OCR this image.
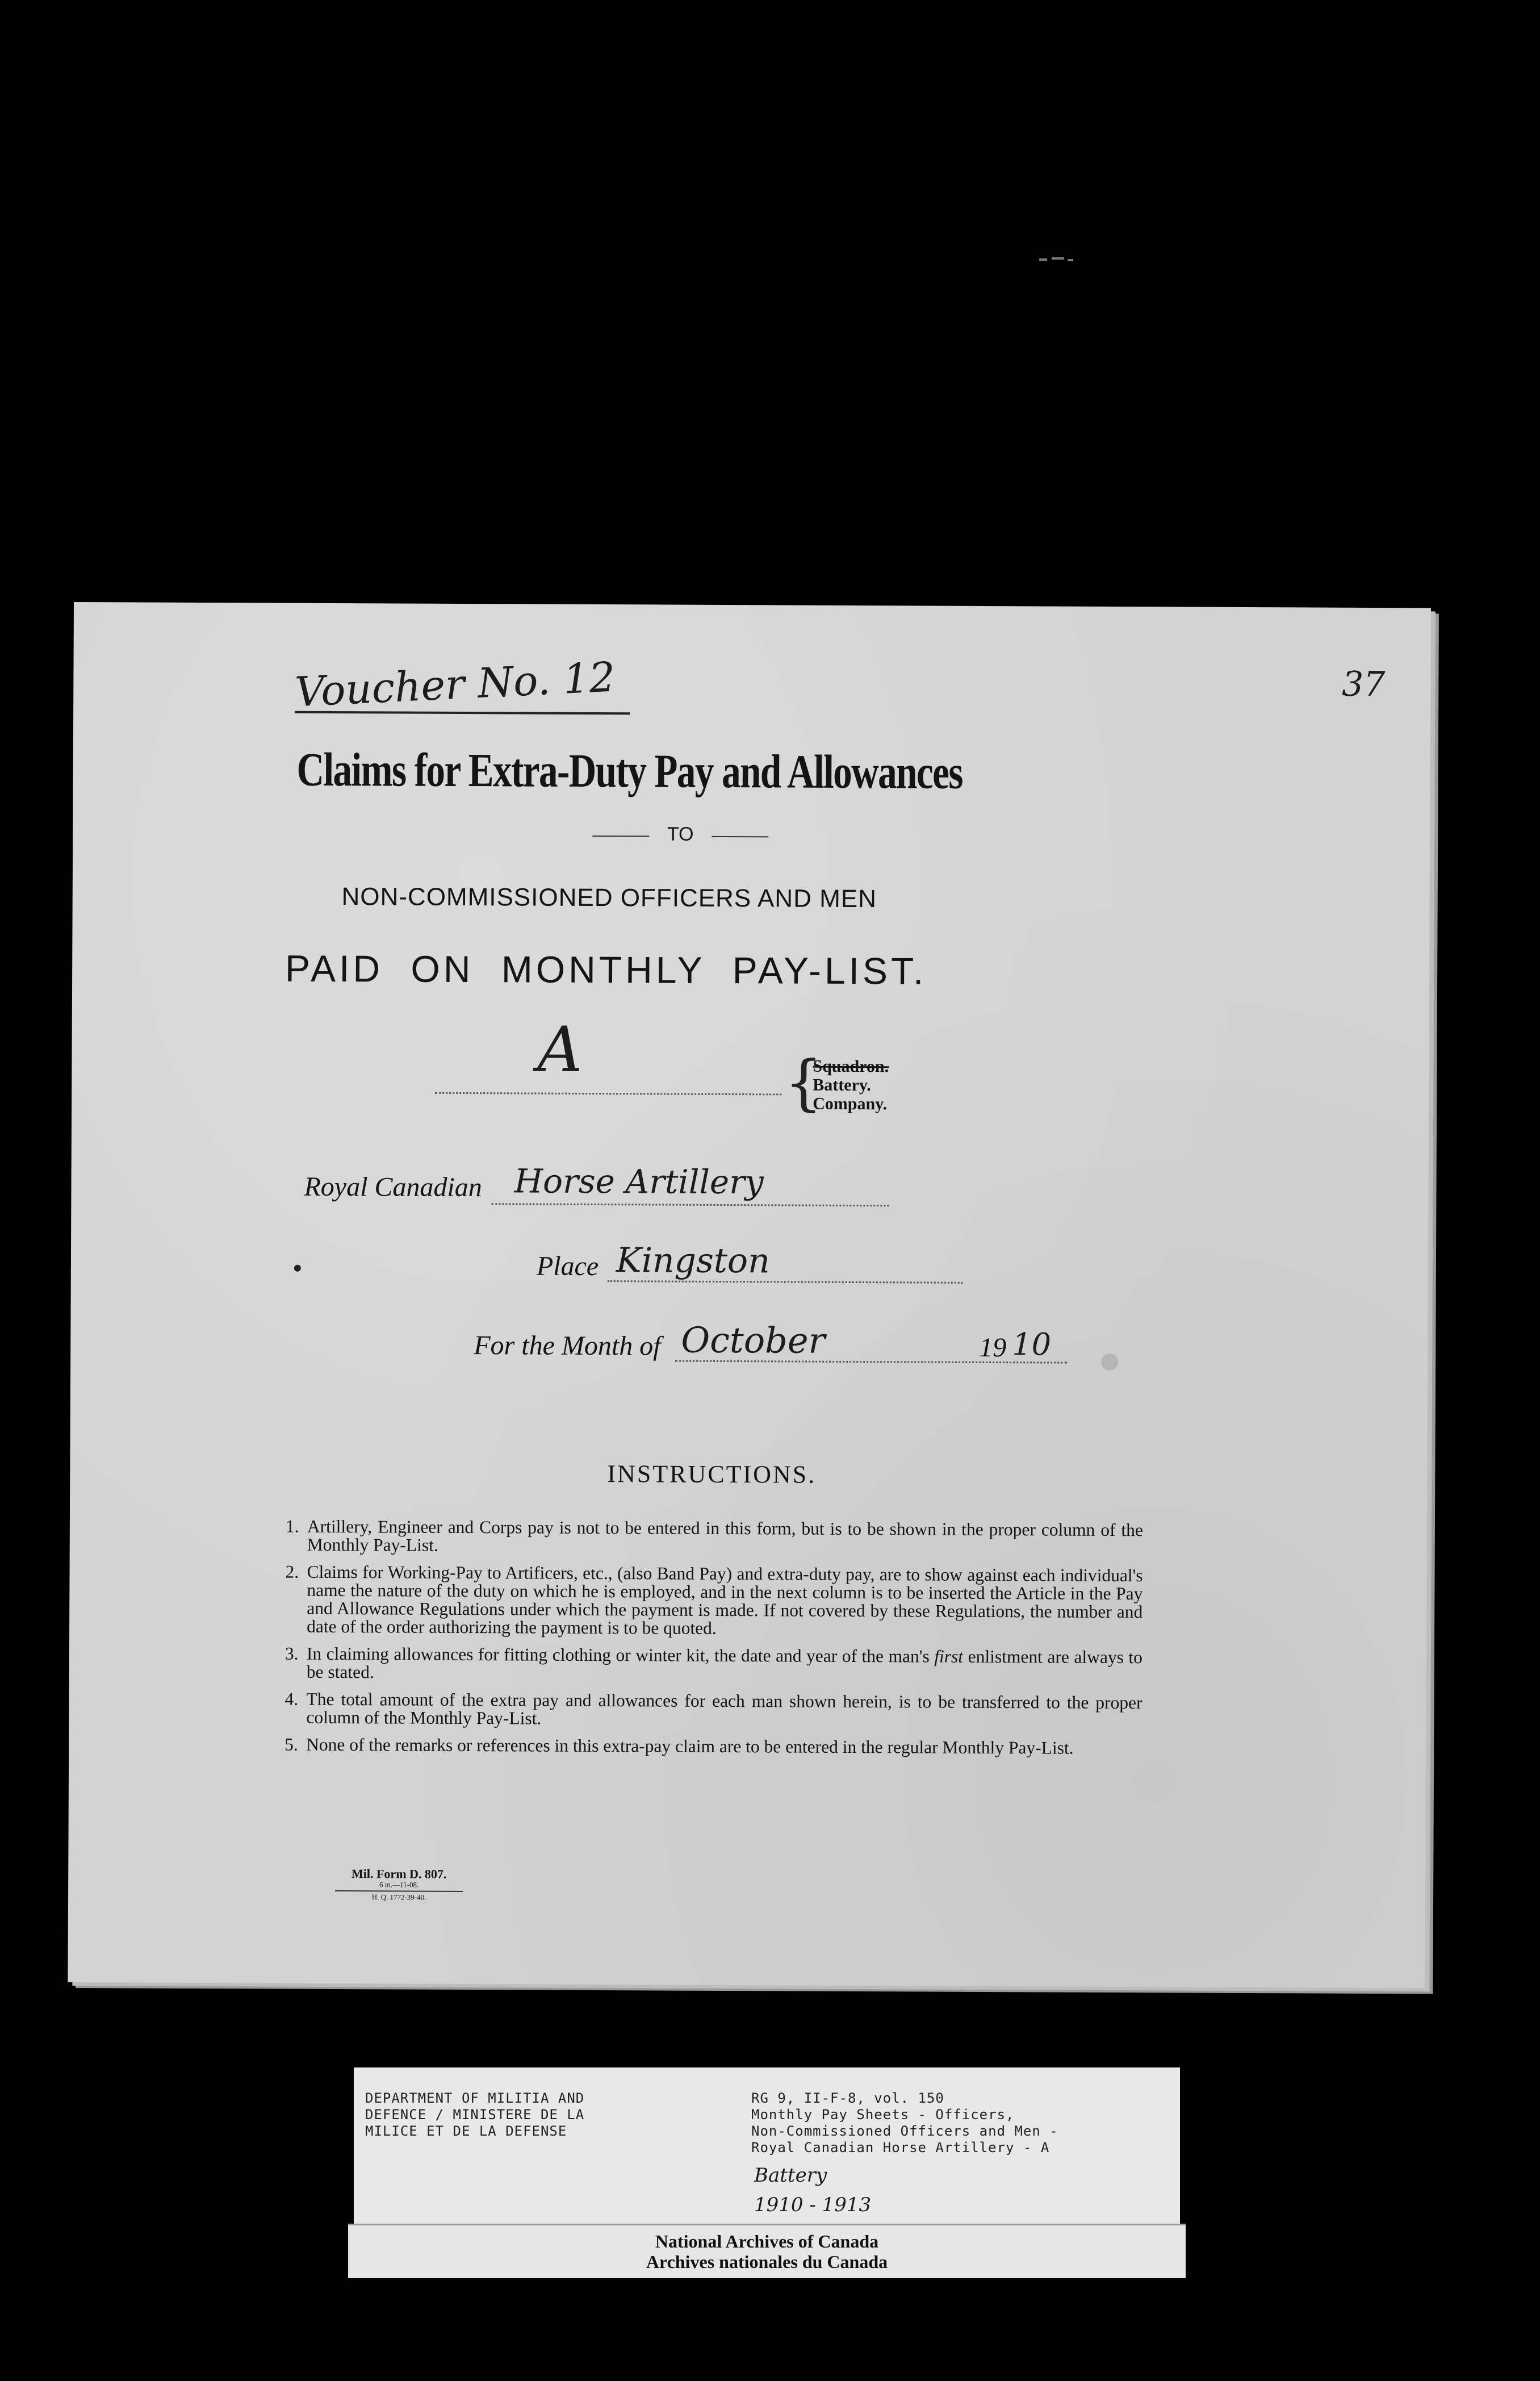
Voucher No. 12	37
Claims for Extra-Duty Pay and Allowances
TO
NON-COMMISSIONED OFFICERS AND MEN
PAID ON MONTHLY PAY-LIST.
A	{
Squadron.
Battery.
Company.
Royal Canadian Horse Artillery
Place Kingston
For the Month of October	19 10
INSTRUCTIONS.
1. Artillery, Engineer and Corps pay is not to be entered in this form, but is to be shown in the proper column of the Monthly Pay-List.
2. Claims for Working-Pay to Artificers, etc., (also Band Pay) and extra-duty pay, are to show against each individual's name the nature of the duty on which he is employed, and in the next column is to be inserted the Article in the Pay and Allowance Regulations under which the payment is made. If not covered by these Regulations, the number and date of the order authorizing the payment is to be quoted.
3. In claiming allowances for fitting clothing or winter kit, the date and year of the man's first enlistment are always to be stated.
4. The total amount of the extra pay and allowances for each man shown herein, is to be transferred to the proper column of the Monthly Pay-List.
5. None of the remarks or references in this extra-pay claim are to be entered in the regular Monthly Pay-List.
Mil. Form D. 807.
6 m.—11-08.
H. Q. 1772-39-40.
DEPARTMENT OF MILITIA AND
DEFENCE / MINISTERE DE LA
MILICE ET DE LA DEFENSE
RG 9, II-F-8, vol. 150
Monthly Pay Sheets - Officers,
Non-Commissioned Officers and Men -
Royal Canadian Horse Artillery - A
Battery
1910 - 1913
National Archives of Canada
Archives nationales du Canada
